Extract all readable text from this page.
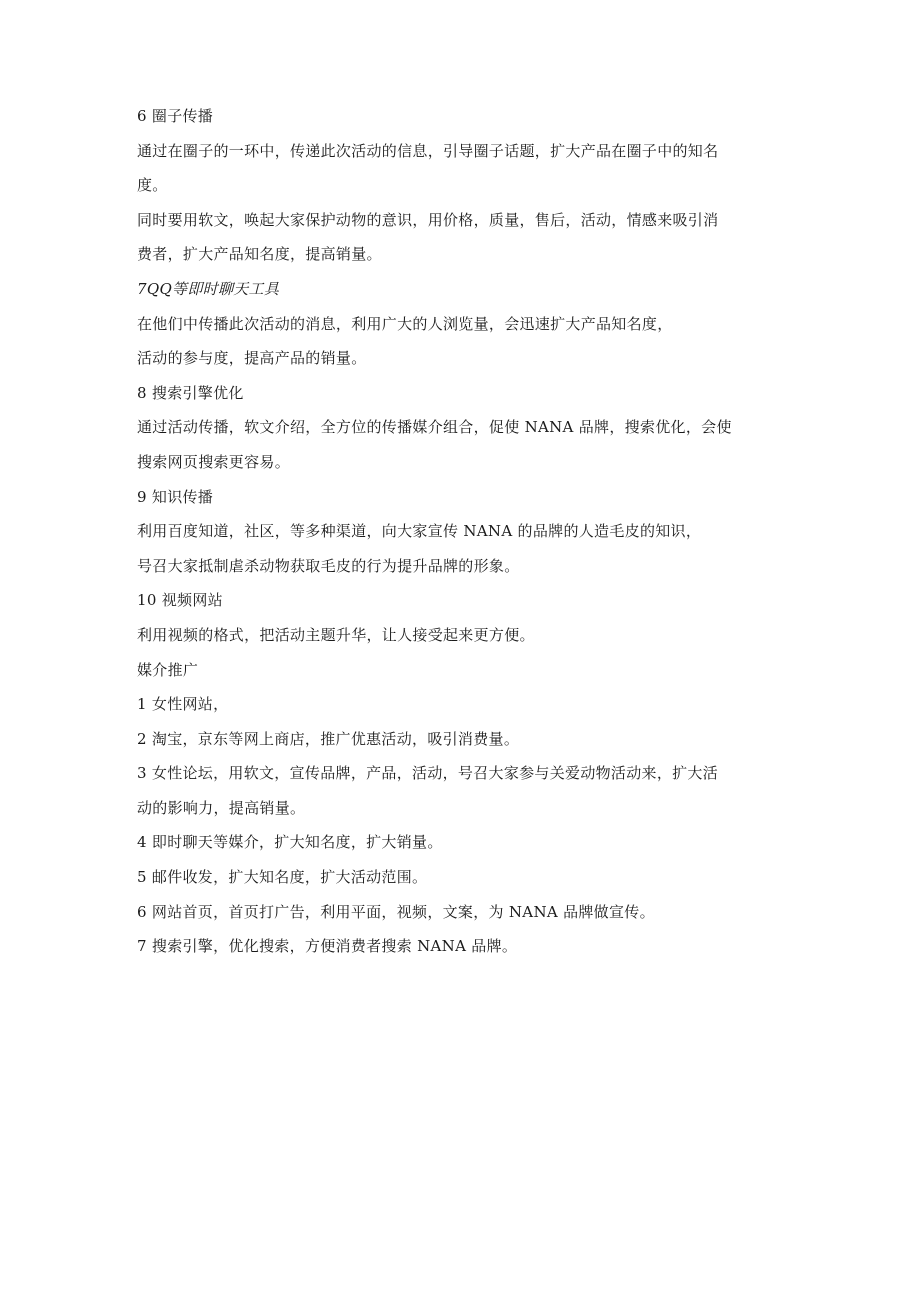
6 圈子传播
通过在圈子的一环中，传递此次活动的信息，引导圈子话题，扩大产品在圈子中的知名
度。
同时要用软文，唤起大家保护动物的意识，用价格，质量，售后，活动，情感来吸引消
费者，扩大产品知名度，提高销量。
7QQ等即时聊天工具
在他们中传播此次活动的消息，利用广大的人浏览量，会迅速扩大产品知名度，
活动的参与度，提高产品的销量。
8 搜索引擎优化
通过活动传播，软文介绍，全方位的传播媒介组合，促使 NANA 品牌，搜索优化，会使
搜索网页搜索更容易。
9 知识传播
利用百度知道，社区，等多种渠道，向大家宣传 NANA 的品牌的人造毛皮的知识，
号召大家抵制虐杀动物获取毛皮的行为提升品牌的形象。
10 视频网站
利用视频的格式，把活动主题升华，让人接受起来更方便。
媒介推广
1 女性网站，
2 淘宝，京东等网上商店，推广优惠活动，吸引消费量。
3 女性论坛，用软文，宣传品牌，产品，活动，号召大家参与关爱动物活动来，扩大活
动的影响力，提高销量。
4 即时聊天等媒介，扩大知名度，扩大销量。
5 邮件收发，扩大知名度，扩大活动范围。
6 网站首页，首页打广告，利用平面，视频，文案，为 NANA 品牌做宣传。
7 搜索引擎，优化搜索，方便消费者搜索 NANA 品牌。
